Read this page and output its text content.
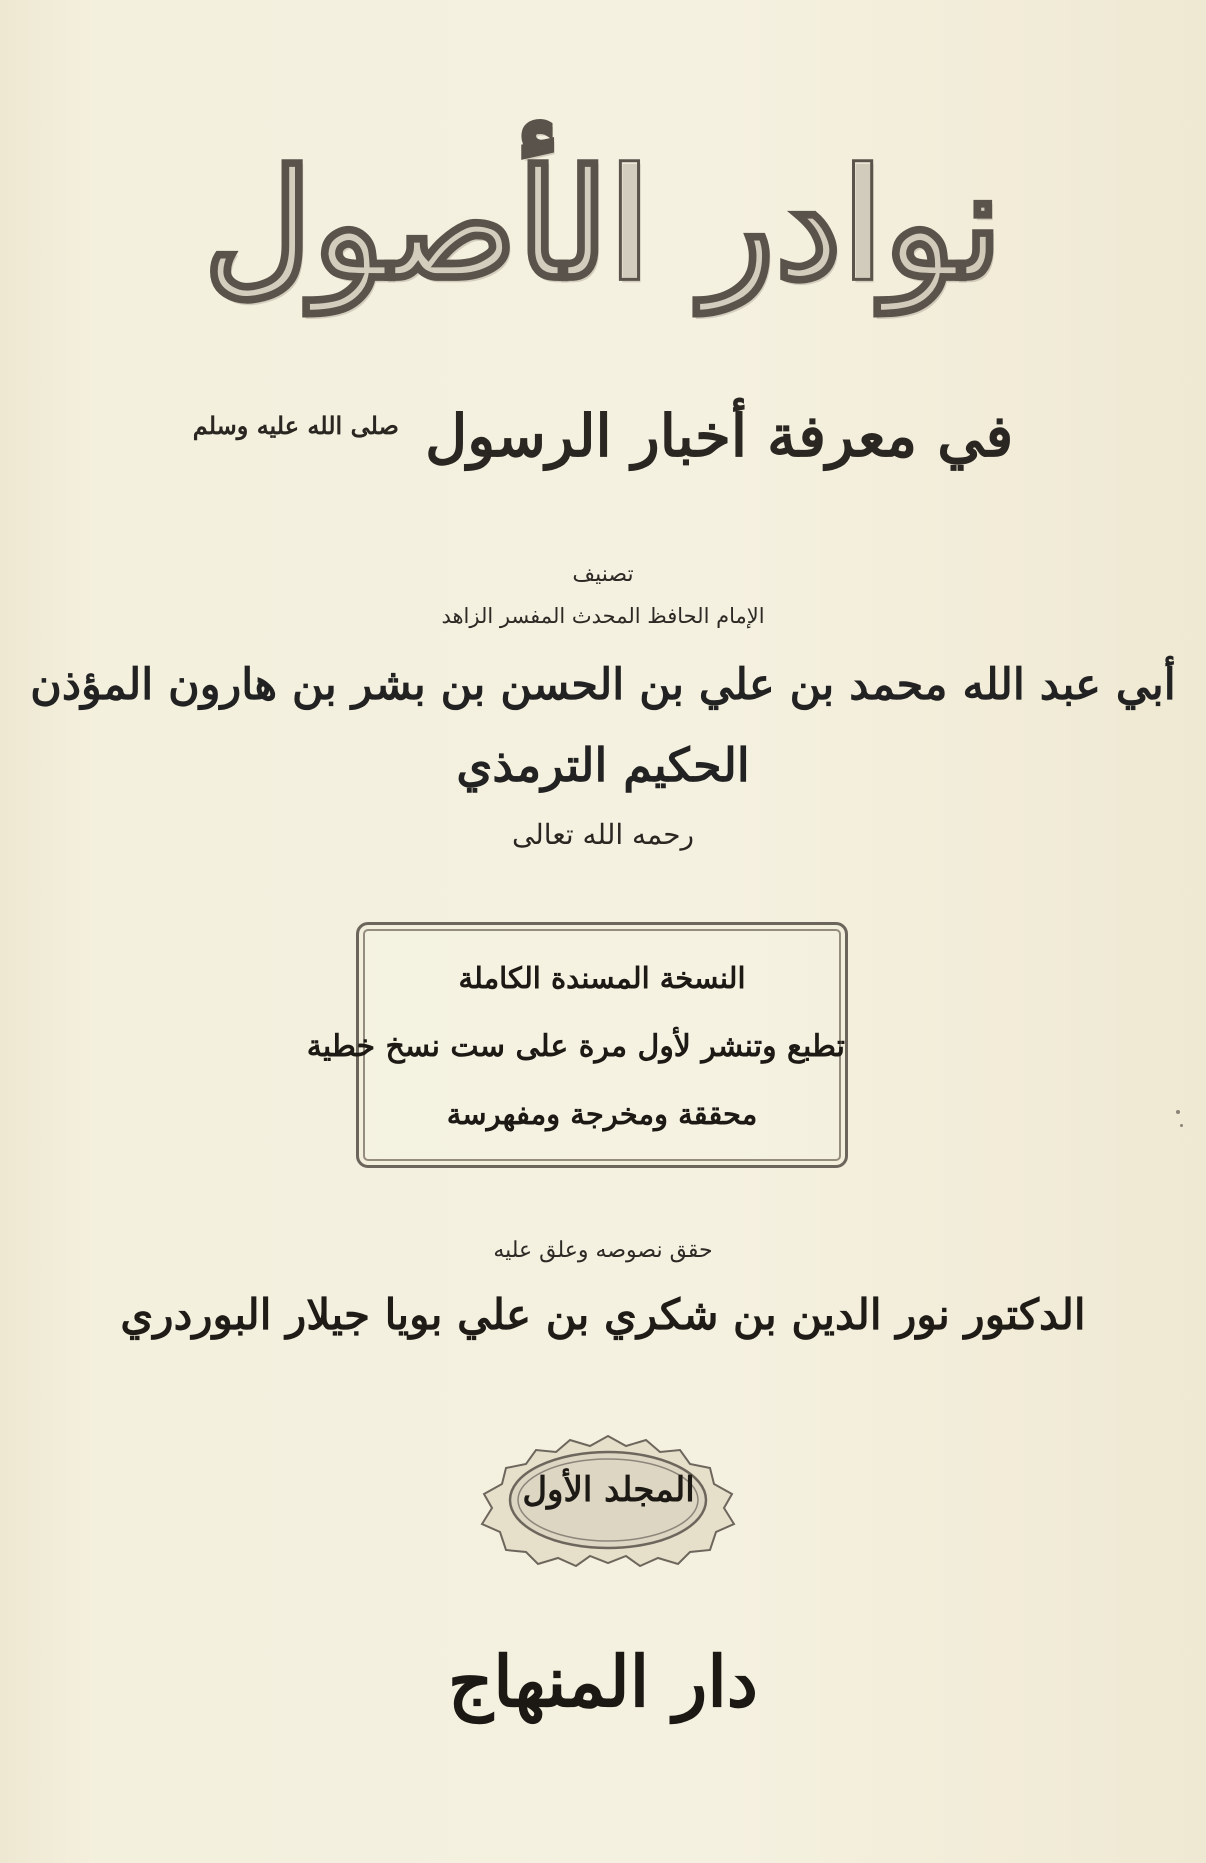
نوادر الأصول
في معرفة أخبار الرسول $^{صلى الله عليه وسلم}$
تصنيف
الإمام الحافظ المحدث المفسر الزاهد
أبي عبد الله محمد بن علي بن الحسن بن بشر بن هارون المؤذن
الحكيم الترمذي
رحمه الله تعالى
النسخة المسندة الكاملة
تطبع وتنشر لأول مرة على ست نسخ خطية
محققة ومخرجة ومفهرسة
حقق نصوصه وعلق عليه
الدكتور نور الدين بن شكري بن علي بويا جيلار البوردري
المجلد الأول
دار المنهاج
